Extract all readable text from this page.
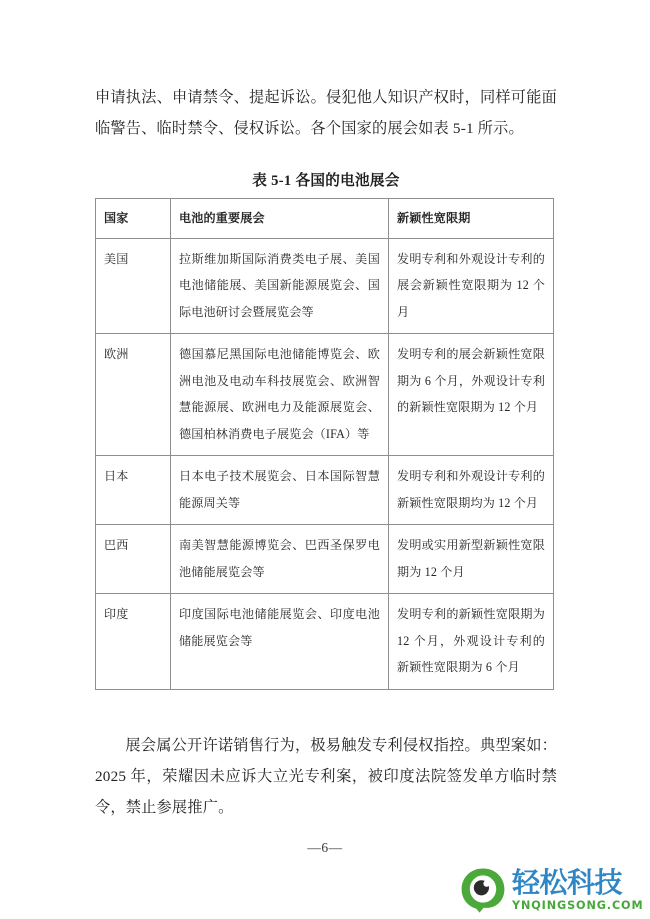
申请执法、申请禁令、提起诉讼。侵犯他人知识产权时，同样可能面临警告、临时禁令、侵权诉讼。各个国家的展会如表 5-1 所示。

表 5-1 各国的电池展会
国家	电池的重要展会	新颖性宽限期
美国	拉斯维加斯国际消费类电子展、美国电池储能展、美国新能源展览会、国际电池研讨会暨展览会等	发明专利和外观设计专利的展会新颖性宽限期为 12 个月
欧洲	德国慕尼黑国际电池储能博览会、欧洲电池及电动车科技展览会、欧洲智慧能源展、欧洲电力及能源展览会、德国柏林消费电子展览会（IFA）等	发明专利的展会新颖性宽限期为 6 个月，外观设计专利的新颖性宽限期为 12 个月
日本	日本电子技术展览会、日本国际智慧能源周关等	发明专利和外观设计专利的新颖性宽限期均为 12 个月
巴西	南美智慧能源博览会、巴西圣保罗电池储能展览会等	发明或实用新型新颖性宽限期为 12 个月
印度	印度国际电池储能展览会、印度电池储能展览会等	发明专利的新颖性宽限期为 12 个月，外观设计专利的新颖性宽限期为 6 个月

展会属公开许诺销售行为，极易触发专利侵权指控。典型案如：2025 年，荣耀因未应诉大立光专利案，被印度法院签发单方临时禁令，禁止参展推广。

—6—
轻松科技
YNQINGSONG.COM
